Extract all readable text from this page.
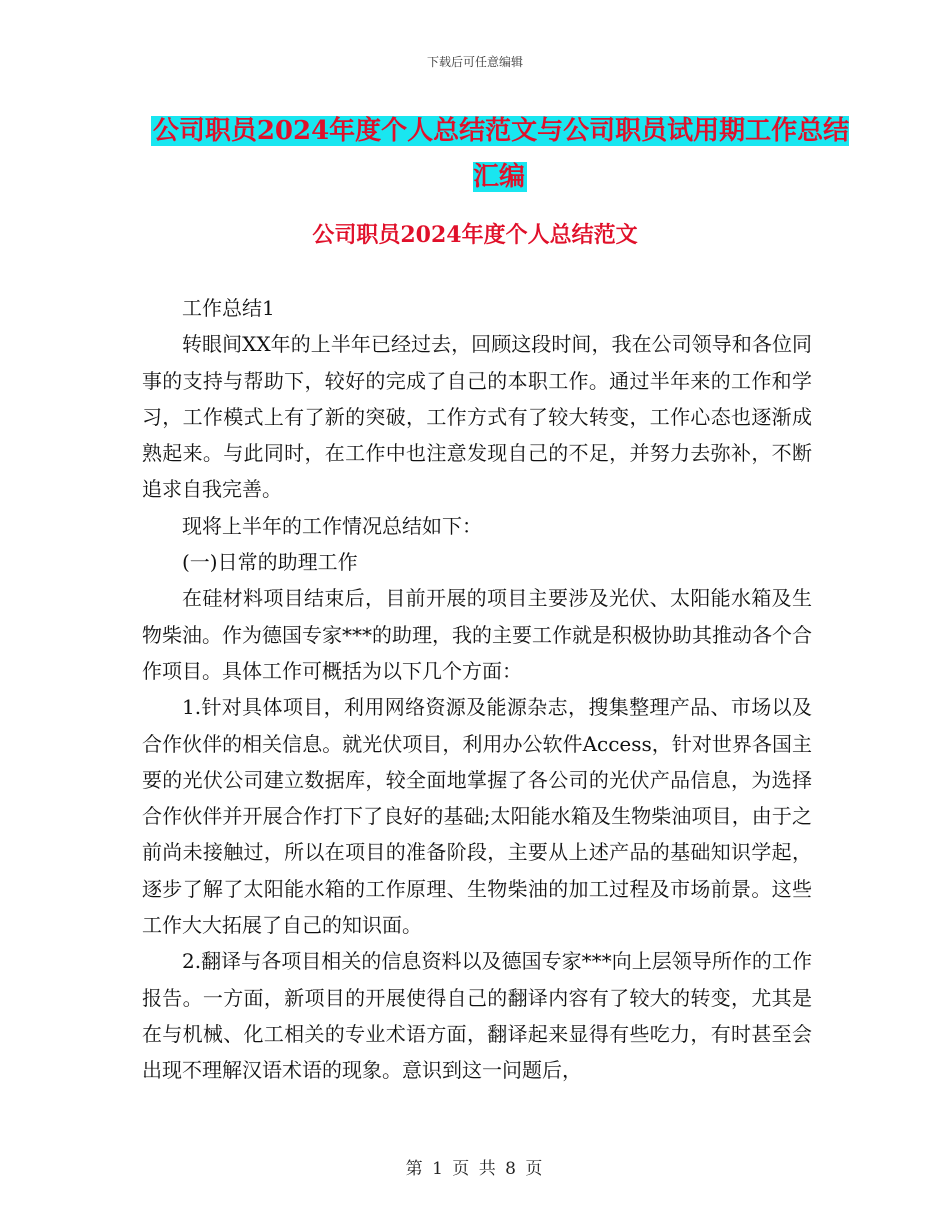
下载后可任意编辑
公司职员2024年度个人总结范文与公司职员试用期工作总结汇编
公司职员2024年度个人总结范文

工作总结1

转眼间XX年的上半年已经过去，回顾这段时间，我在公司领导和各位同事的支持与帮助下，较好的完成了自己的本职工作。通过半年来的工作和学习，工作模式上有了新的突破，工作方式有了较大转变，工作心态也逐渐成熟起来。与此同时，在工作中也注意发现自己的不足，并努力去弥补，不断追求自我完善。

现将上半年的工作情况总结如下：

(一)日常的助理工作

在硅材料项目结束后，目前开展的项目主要涉及光伏、太阳能水箱及生物柴油。作为德国专家***的助理，我的主要工作就是积极协助其推动各个合作项目。具体工作可概括为以下几个方面：

1.针对具体项目，利用网络资源及能源杂志，搜集整理产品、市场以及合作伙伴的相关信息。就光伏项目，利用办公软件Access，针对世界各国主要的光伏公司建立数据库，较全面地掌握了各公司的光伏产品信息，为选择合作伙伴并开展合作打下了良好的基础;太阳能水箱及生物柴油项目，由于之前尚未接触过，所以在项目的准备阶段，主要从上述产品的基础知识学起，逐步了解了太阳能水箱的工作原理、生物柴油的加工过程及市场前景。这些工作大大拓展了自己的知识面。

2.翻译与各项目相关的信息资料以及德国专家***向上层领导所作的工作报告。一方面，新项目的开展使得自己的翻译内容有了较大的转变，尤其是在与机械、化工相关的专业术语方面，翻译起来显得有些吃力，有时甚至会出现不理解汉语术语的现象。意识到这一问题后，

第 1 页 共 8 页
